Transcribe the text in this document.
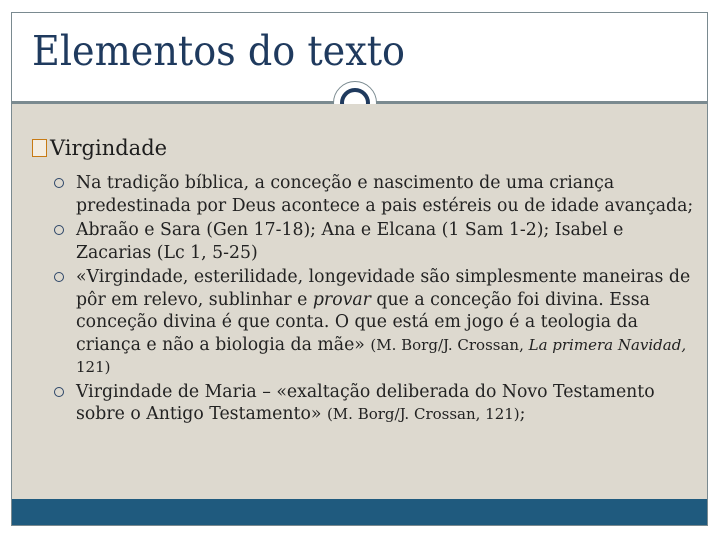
Elementos do texto
Virgindade
Na tradição bíblica, a conceção e nascimento de uma criança predestinada por Deus acontece a pais estéreis ou de idade avançada;
Abraão e Sara (Gen 17-18); Ana e Elcana (1 Sam 1-2); Isabel e Zacarias (Lc 1, 5-25)
«Virgindade, esterilidade, longevidade são simplesmente maneiras de pôr em relevo, sublinhar e provar que a conceção foi divina. Essa conceção divina é que conta. O que está em jogo é a teologia da criança e não a biologia da mãe» (M. Borg/J. Crossan, La primera Navidad, 121)
Virgindade de Maria – «exaltação deliberada do Novo Testamento sobre o Antigo Testamento» (M. Borg/J. Crossan, 121);
